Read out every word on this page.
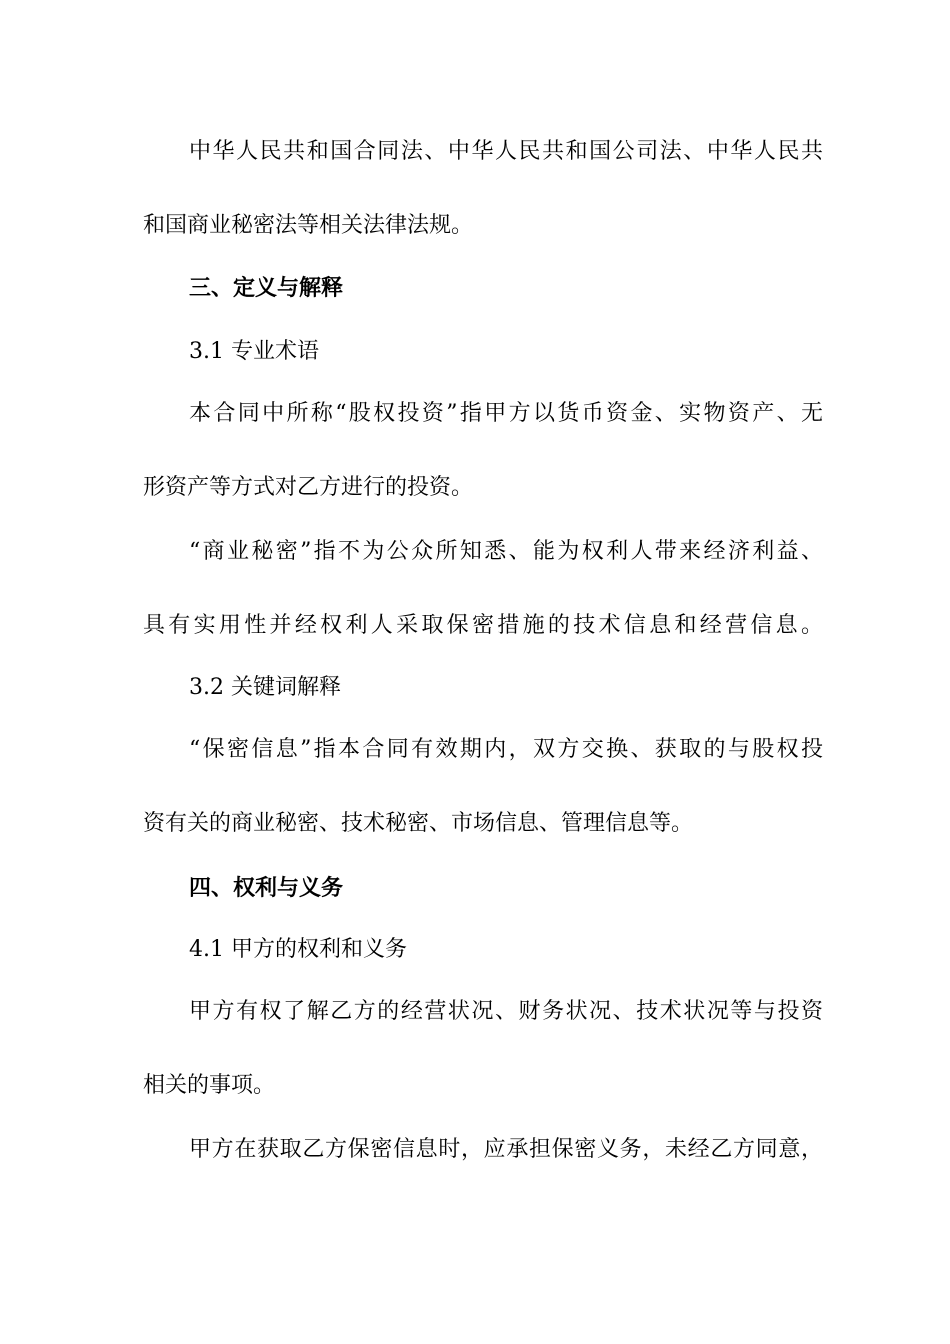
中华人民共和国合同法、中华人民共和国公司法、中华人民共
和国商业秘密法等相关法律法规。
三、定义与解释
3.1 专业术语
本合同中所称“股权投资”指甲方以货币资金、实物资产、无
形资产等方式对乙方进行的投资。
“商业秘密”指不为公众所知悉、能为权利人带来经济利益、
具有实用性并经权利人采取保密措施的技术信息和经营信息。
3.2 关键词解释
“保密信息”指本合同有效期内，双方交换、获取的与股权投
资有关的商业秘密、技术秘密、市场信息、管理信息等。
四、权利与义务
4.1 甲方的权利和义务
甲方有权了解乙方的经营状况、财务状况、技术状况等与投资
相关的事项。
甲方在获取乙方保密信息时，应承担保密义务，未经乙方同意，
